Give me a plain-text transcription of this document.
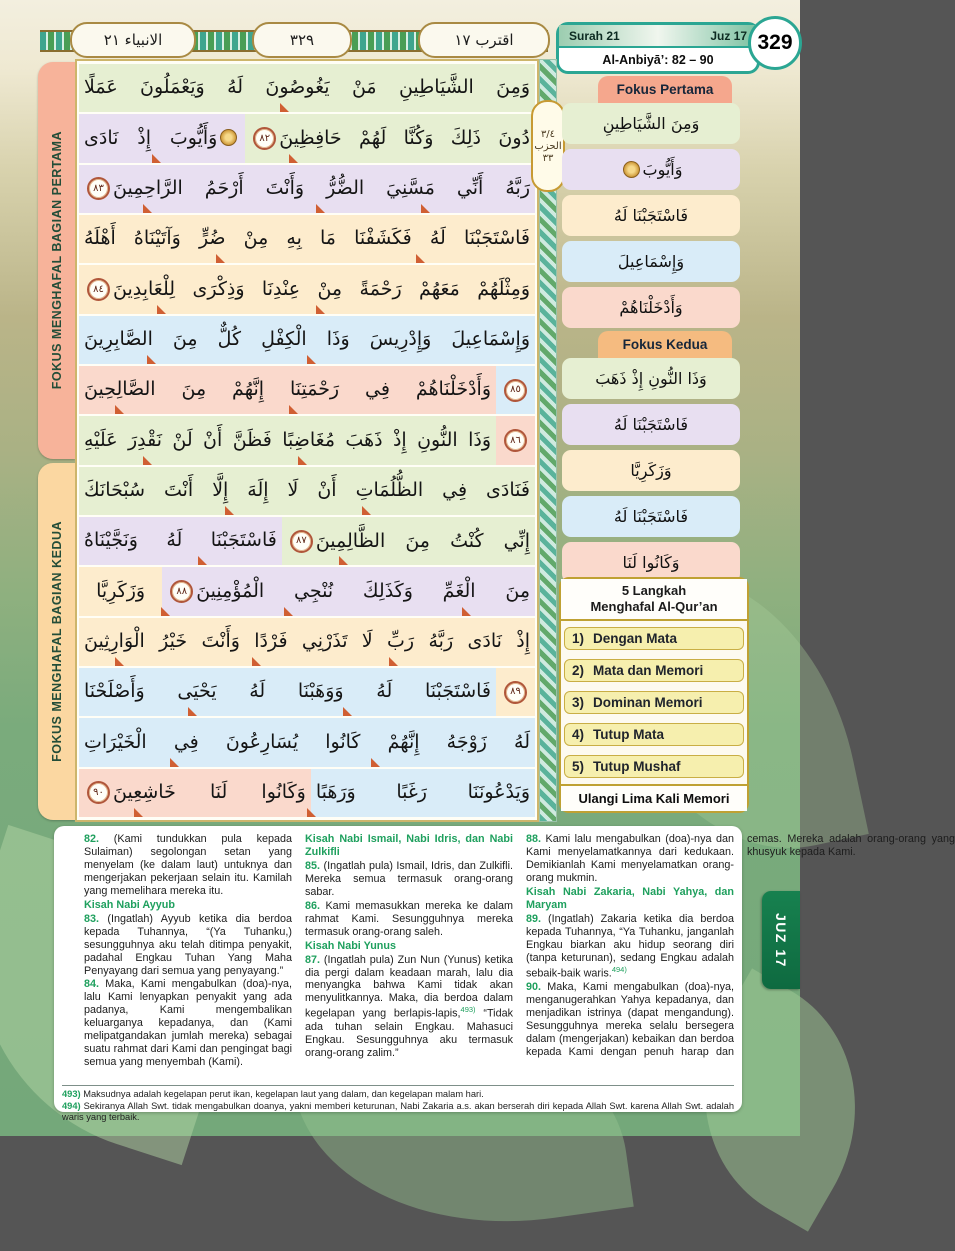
الانبياء ٢١	٣٢٩	اقترب ١٧	Surah 21	Juz 17
Al-Anbiyā’: 82 – 90
329
FOKUS MENGHAFAL BAGIAN PERTAMA
FOKUS MENGHAFAL BAGIAN KEDUA
وَمِنَ الشَّيَاطِينِ مَنْ يَغُوصُونَ لَهُ وَيَعْمَلُونَ عَمَلًا
دُونَ ذَلِكَ وَكُنَّا لَهُمْ حَافِظِينَ٨٢
وَأَيُّوبَ إِذْ نَادَى
رَبَّهُ أَنِّي مَسَّنِيَ الضُّرُّ وَأَنْتَ أَرْحَمُ الرَّاحِمِينَ٨٣
فَاسْتَجَبْنَا لَهُ فَكَشَفْنَا مَا بِهِ مِنْ ضُرٍّ وَآتَيْنَاهُ أَهْلَهُ
وَمِثْلَهُمْ مَعَهُمْ رَحْمَةً مِنْ عِنْدِنَا وَذِكْرَى لِلْعَابِدِينَ٨٤
وَإِسْمَاعِيلَ وَإِدْرِيسَ وَذَا الْكِفْلِ كُلٌّ مِنَ الصَّابِرِينَ
٨٥
وَأَدْخَلْنَاهُمْ فِي رَحْمَتِنَا إِنَّهُمْ مِنَ الصَّالِحِينَ
٨٦
وَذَا النُّونِ إِذْ ذَهَبَ مُغَاضِبًا فَظَنَّ أَنْ لَنْ نَقْدِرَ عَلَيْهِ
فَنَادَى فِي الظُّلُمَاتِ أَنْ لَا إِلَهَ إِلَّا أَنْتَ سُبْحَانَكَ
إِنِّي كُنْتُ مِنَ الظَّالِمِينَ٨٧
فَاسْتَجَبْنَا لَهُ وَنَجَّيْنَاهُ
مِنَ الْغَمِّ وَكَذَلِكَ نُنْجِي الْمُؤْمِنِينَ٨٨
وَزَكَرِيَّا
إِذْ نَادَى رَبَّهُ رَبِّ لَا تَذَرْنِي فَرْدًا وَأَنْتَ خَيْرُ الْوَارِثِينَ
٨٩
فَاسْتَجَبْنَا لَهُ وَوَهَبْنَا لَهُ يَحْيَى وَأَصْلَحْنَا
لَهُ زَوْجَهُ إِنَّهُمْ كَانُوا يُسَارِعُونَ فِي الْخَيْرَاتِ
وَيَدْعُونَنَا رَغَبًا وَرَهَبًا
وَكَانُوا لَنَا خَاشِعِينَ٩٠
٣/٤
الحزب
٣٣
Fokus Pertama
وَمِنَ الشَّيَاطِينِ
وَأَيُّوبَ
فَاسْتَجَبْنَا لَهُ
وَإِسْمَاعِيلَ
وَأَدْخَلْنَاهُمْ
Fokus Kedua
وَذَا النُّونِ إِذْ ذَهَبَ
فَاسْتَجَبْنَا لَهُ
وَزَكَرِيَّا
فَاسْتَجَبْنَا لَهُ
وَكَانُوا لَنَا
5 Langkah
Menghafal Al-Qur’an
1) Dengan Mata
2) Mata dan Memori
3) Dominan Memori
4) Tutup Mata
5) Tutup Mushaf
Ulangi Lima Kali Memori

82. (Kami tundukkan pula kepada Sulaiman) segolongan setan yang menyelam (ke dalam laut) untuknya dan mengerjakan pekerjaan selain itu. Kamilah yang memelihara mereka itu.

Kisah Nabi Ayyub

83. (Ingatlah) Ayyub ketika dia berdoa kepada Tuhannya, “(Ya Tuhanku,) sesungguhnya aku telah ditimpa penyakit, padahal Engkau Tuhan Yang Maha Penyayang dari semua yang penyayang.”

84. Maka, Kami mengabulkan (doa)-nya, lalu Kami lenyapkan penyakit yang ada padanya, Kami mengembalikan keluarganya kepadanya, dan (Kami melipatgandakan jumlah mereka) sebagai suatu rahmat dari Kami dan pengingat bagi semua yang menyembah (Kami).

Kisah Nabi Ismail, Nabi Idris, dan Nabi Zulkifli

85. (Ingatlah pula) Ismail, Idris, dan Zulkifli. Mereka semua termasuk orang-orang sabar.

86. Kami memasukkan mereka ke dalam rahmat Kami. Sesungguhnya mereka termasuk orang-orang saleh.

Kisah Nabi Yunus

87. (Ingatlah pula) Zun Nun (Yunus) ketika dia pergi dalam keadaan marah, lalu dia menyangka bahwa Kami tidak akan menyulitkannya. Maka, dia berdoa dalam kegelapan yang berlapis-lapis,$^{493)}$ “Tidak ada tuhan selain Engkau. Mahasuci Engkau. Sesungguhnya aku termasuk orang-orang zalim.”

88. Kami lalu mengabulkan (doa)-nya dan Kami menyelamatkannya dari kedukaan. Demikianlah Kami menyelamatkan orang-orang mukmin.

Kisah Nabi Zakaria, Nabi Yahya, dan Maryam

89. (Ingatlah) Zakaria ketika dia berdoa kepada Tuhannya, “Ya Tuhanku, janganlah Engkau biarkan aku hidup seorang diri (tanpa keturunan), sedang Engkau adalah sebaik-baik waris.$^{494)}$

90. Maka, Kami mengabulkan (doa)-nya, menganugerahkan Yahya kepadanya, dan menjadikan istrinya (dapat mengandung). Sesungguhnya mereka selalu bersegera dalam (mengerjakan) kebaikan dan berdoa kepada Kami dengan penuh harap dan cemas. Mereka adalah orang-orang yang khusyuk kepada Kami.

493) Maksudnya adalah kegelapan perut ikan, kegelapan laut yang dalam, dan kegelapan malam hari.

494) Sekiranya Allah Swt. tidak mengabulkan doanya, yakni memberi keturunan, Nabi Zakaria a.s. akan berserah diri kepada Allah Swt. karena Allah Swt. adalah waris yang terbaik.

JUZ 17
